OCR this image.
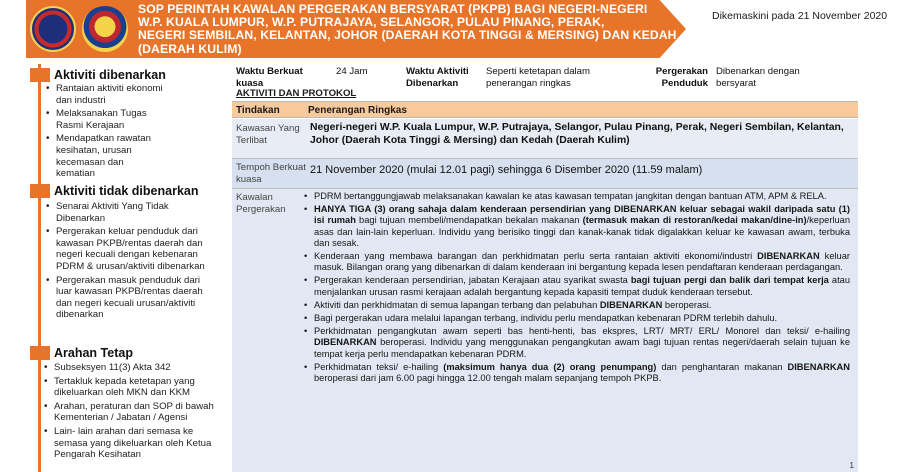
SOP PERINTAH KAWALAN PERGERAKAN BERSYARAT (PKPB) BAGI NEGERI-NEGERI
W.P. KUALA LUMPUR, W.P. PUTRAJAYA, SELANGOR, PULAU PINANG, PERAK,
NEGERI SEMBILAN, KELANTAN, JOHOR (DAERAH KOTA TINGGI & MERSING) DAN KEDAH
(DAERAH KULIM)
Dikemaskini pada 21 November 2020
Aktiviti dibenarkan
• Rantaian aktiviti ekonomi dan industri
• Melaksanakan Tugas Rasmi Kerajaan
• Mendapatkan rawatan kesihatan, urusan kecemasan dan kematian
Aktiviti tidak dibenarkan
• Senarai Aktiviti Yang Tidak Dibenarkan
• Pergerakan keluar penduduk dari kawasan PKPB/rentas daerah dan negeri kecuali dengan kebenaran PDRM & urusan/aktiviti dibenarkan
• Pergerakan masuk penduduk dari luar kawasan PKPB/rentas daerah dan negeri kecuali urusan/aktiviti dibenarkan
Arahan Tetap
• Subseksyen 11(3) Akta 342
• Tertakluk kepada ketetapan yang dikeluarkan oleh MKN dan KKM
• Arahan, peraturan dan SOP di bawah Kementerian / Jabatan / Agensi
• Lain- lain arahan dari semasa ke semasa yang dikeluarkan oleh Ketua Pengarah Kesihatan
Waktu Berkuat kuasa
24 Jam	Waktu Aktiviti Dibenarkan
Seperti ketetapan dalam penerangan ringkas
Pergerakan Penduduk
Dibenarkan dengan bersyarat
AKTIVITI DAN PROTOKOL
Tindakan	Penerangan Ringkas
Kawasan Yang Terlibat
Negeri-negeri W.P. Kuala Lumpur, W.P. Putrajaya, Selangor, Pulau Pinang, Perak, Negeri Sembilan, Kelantan, Johor (Daerah Kota Tinggi & Mersing) dan Kedah (Daerah Kulim)
Tempoh Berkuat kuasa
21 November 2020 (mulai 12.01 pagi) sehingga 6 Disember 2020 (11.59 malam)
Kawalan Pergerakan
• PDRM bertanggungjawab melaksanakan kawalan ke atas kawasan tempatan jangkitan dengan bantuan ATM, APM & RELA.
• HANYA TIGA (3) orang sahaja dalam kenderaan persendirian yang DIBENARKAN keluar sebagai wakil daripada satu (1) isi rumah bagi tujuan membeli/mendapatkan bekalan makanan (termasuk makan di restoran/kedai makan/dine-in)/keperluan asas dan lain-lain keperluan. Individu yang berisiko tinggi dan kanak-kanak tidak digalakkan keluar ke kawasan awam, terbuka dan sesak.
• Kenderaan yang membawa barangan dan perkhidmatan perlu serta rantaian aktiviti ekonomi/industri DIBENARKAN keluar masuk. Bilangan orang yang dibenarkan di dalam kenderaan ini bergantung kepada lesen pendaftaran kenderaan perdagangan.
• Pergerakan kenderaan persendirian, jabatan Kerajaan atau syarikat swasta bagi tujuan pergi dan balik dari tempat kerja atau menjalankan urusan rasmi kerajaan adalah bergantung kepada kapasiti tempat duduk kenderaan tersebut.
• Aktiviti dan perkhidmatan di semua lapangan terbang dan pelabuhan DIBENARKAN beroperasi.
• Bagi pergerakan udara melalui lapangan terbang, individu perlu mendapatkan kebenaran PDRM terlebih dahulu.
• Perkhidmatan pengangkutan awam seperti bas henti-henti, bas ekspres, LRT/ MRT/ ERL/ Monorel dan teksi/ e-hailing DIBENARKAN beroperasi. Individu yang menggunakan pengangkutan awam bagi tujuan rentas negeri/daerah selain tujuan ke tempat kerja perlu mendapatkan kebenaran PDRM.
• Perkhidmatan teksi/ e-hailing (maksimum hanya dua (2) orang penumpang) dan penghantaran makanan DIBENARKAN beroperasi dari jam 6.00 pagi hingga 12.00 tengah malam sepanjang tempoh PKPB.
1
